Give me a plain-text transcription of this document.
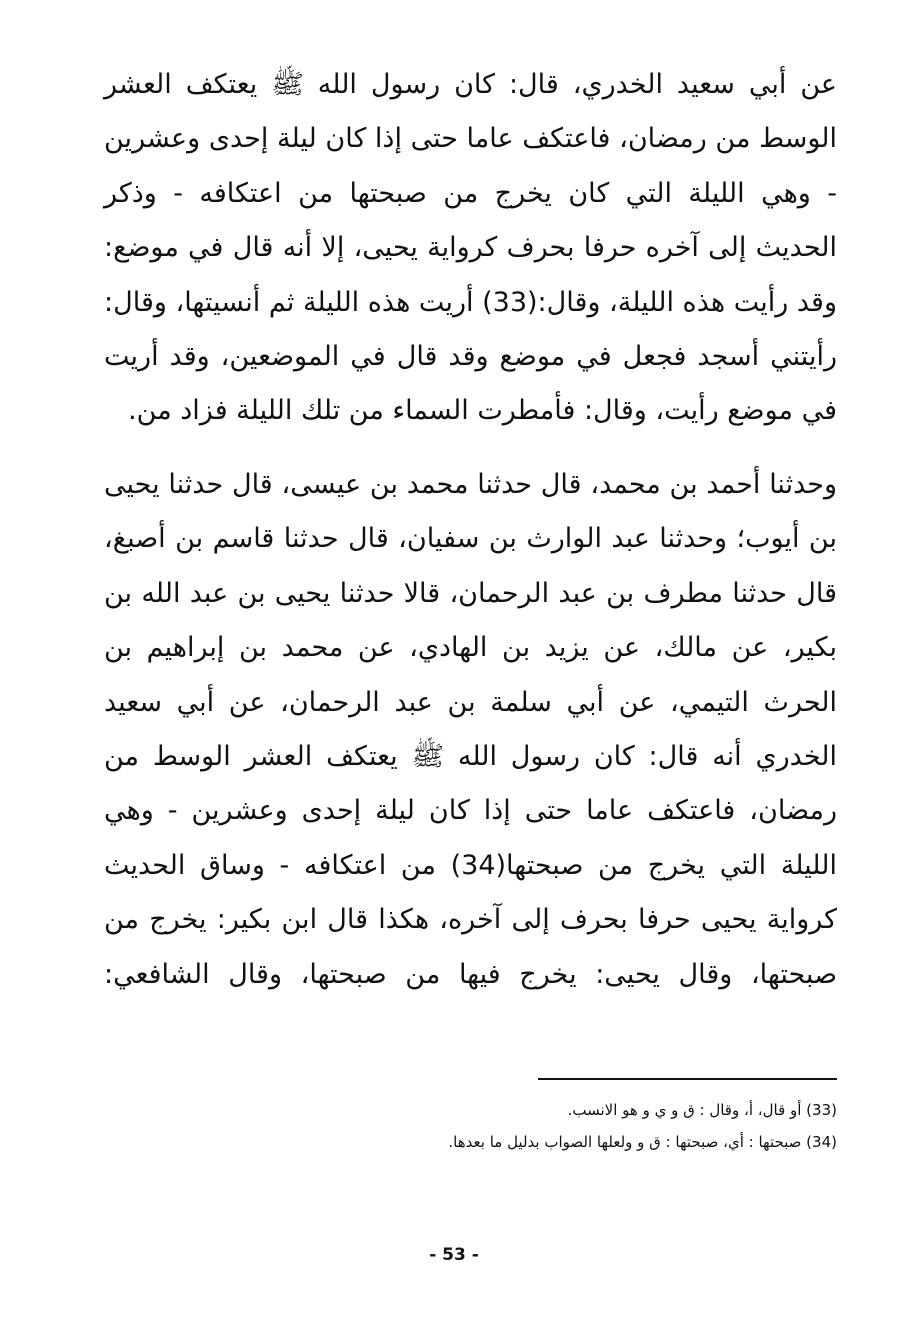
عن أبي سعيد الخدري، قال: كان رسول الله ﷺ يعتكف العشر الوسط من رمضان، فاعتكف عاما حتى إذا كان ليلة إحدى وعشرين - وهي الليلة التي كان يخرج من صبحتها من اعتكافه - وذكر الحديث إلى آخره حرفا بحرف كرواية يحيى، إلا أنه قال في موضع: وقد رأيت هذه الليلة، وقال:(33) أريت هذه الليلة ثم أنسيتها، وقال: رأيتني أسجد فجعل في موضع وقد قال في الموضعين، وقد أريت في موضع رأيت، وقال: فأمطرت السماء من تلك الليلة فزاد من.

وحدثنا أحمد بن محمد، قال حدثنا محمد بن عيسى، قال حدثنا يحيى بن أيوب؛ وحدثنا عبد الوارث بن سفيان، قال حدثنا قاسم بن أصبغ، قال حدثنا مطرف بن عبد الرحمان، قالا حدثنا يحيى بن عبد الله بن بكير، عن مالك، عن يزيد بن الهادي، عن محمد بن إبراهيم بن الحرث التيمي، عن أبي سلمة بن عبد الرحمان، عن أبي سعيد الخدري أنه قال: كان رسول الله ﷺ يعتكف العشر الوسط من رمضان، فاعتكف عاما حتى إذا كان ليلة إحدى وعشرين - وهي الليلة التي يخرج من صبحتها(34) من اعتكافه - وساق الحديث كرواية يحيى حرفا بحرف إلى آخره، هكذا قال ابن بكير: يخرج من صبحتها، وقال يحيى: يخرج فيها من صبحتها، وقال الشافعي:

(33) أو قال، أ، وقال : ق و ي و هو الانسب.
(34) صبحتها : أي، صبحتها : ق و ولعلها الصواب بدليل ما بعدها.
- 53 -
